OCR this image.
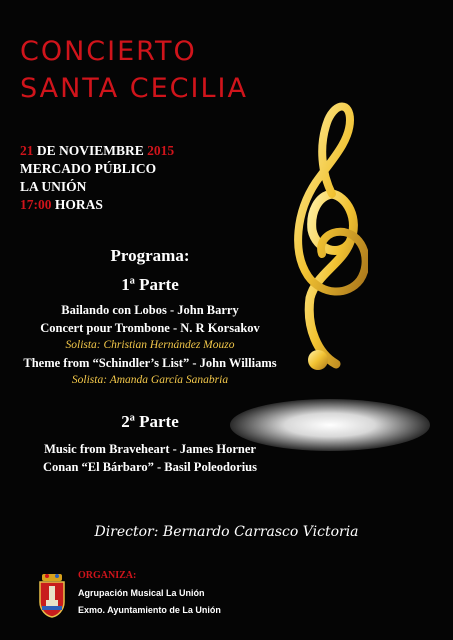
CONCIERTO
SANTA CECILIA
21 DE NOVIEMBRE 2015
MERCADO PÚBLICO
LA UNIÓN
17:00 HORAS
Programa:
1ª Parte
Bailando con Lobos - John Barry
Concert pour Trombone - N. R Korsakov
Solista: Christian Hernández Mouzo
Theme from “Schindler’s List” - John Williams
Solista: Amanda García Sanabria
2ª Parte
Music from Braveheart - James Horner
Conan “El Bárbaro” - Basil Poleodorius
Director: Bernardo Carrasco Victoria
ORGANIZA:
Agrupación Musical La Unión
Exmo. Ayuntamiento de La Unión
